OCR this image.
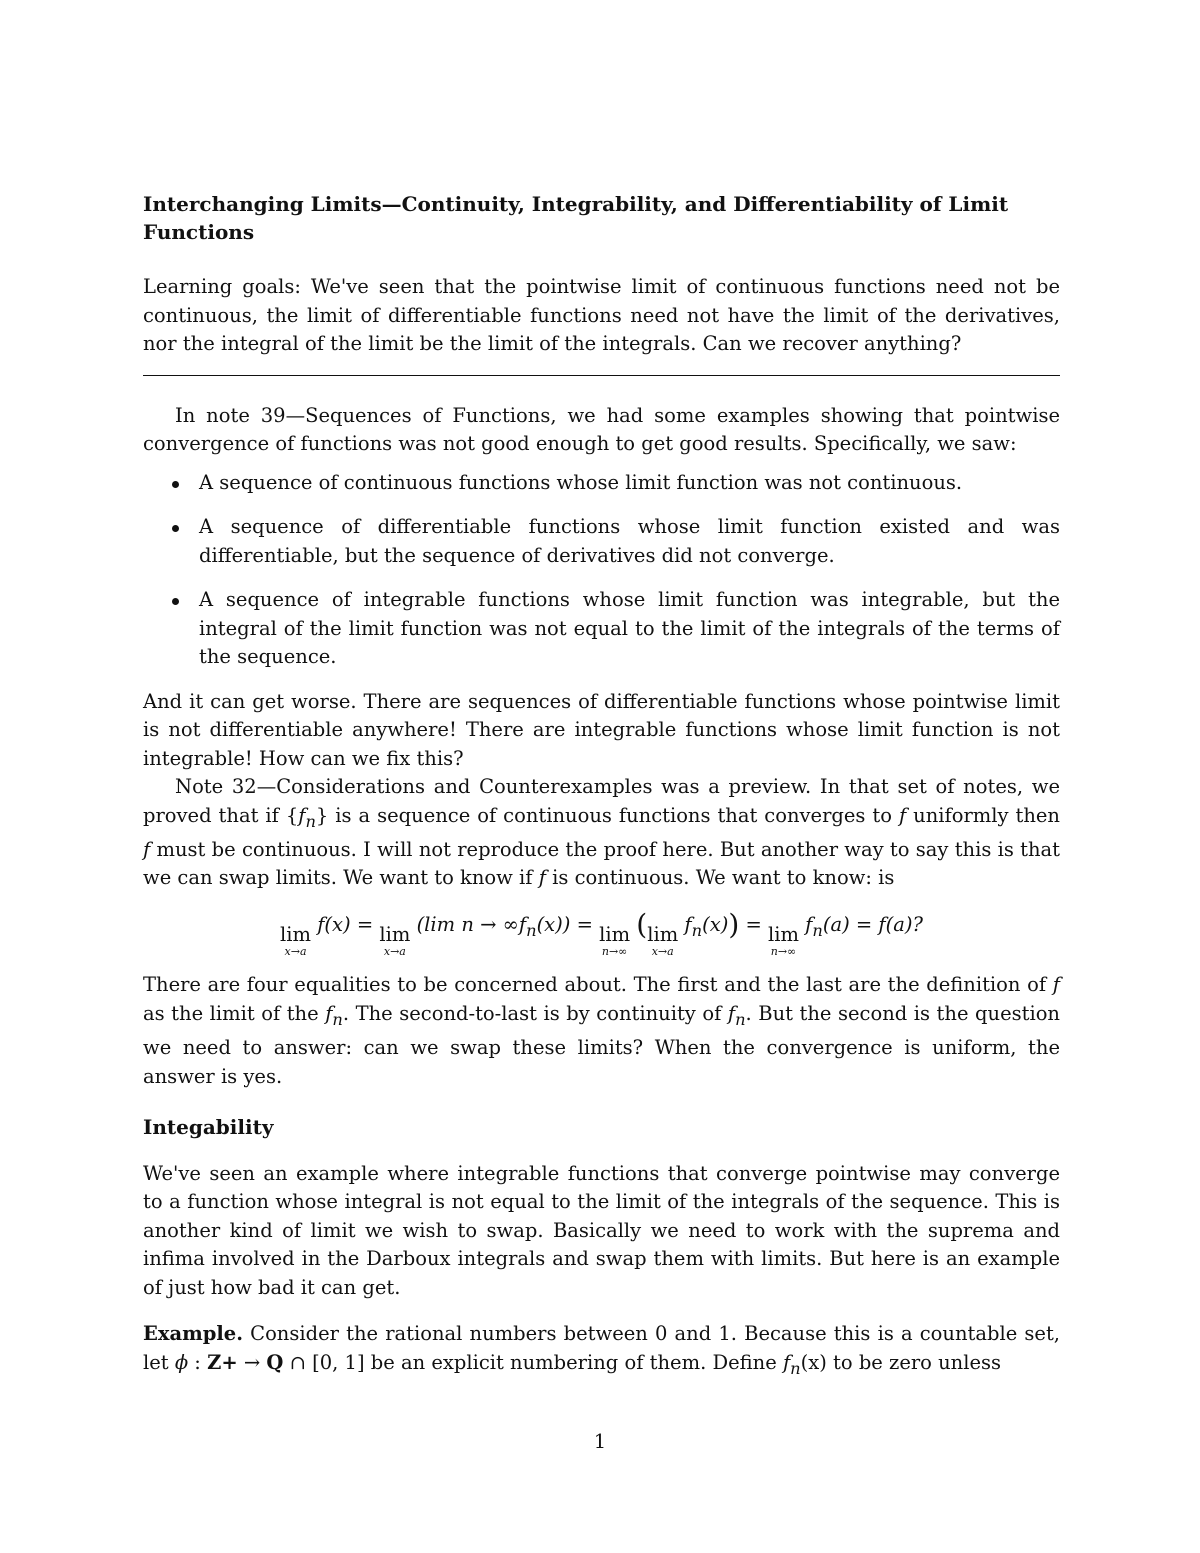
Interchanging Limits—Continuity, Integrability, and Differentiability of Limit Functions

Learning goals: We've seen that the pointwise limit of continuous functions need not be continuous, the limit of differentiable functions need not have the limit of the derivatives, nor the integral of the limit be the limit of the integrals. Can we recover anything?

In note 39—Sequences of Functions, we had some examples showing that pointwise convergence of functions was not good enough to get good results. Specifically, we saw:

A sequence of continuous functions whose limit function was not continuous.
A sequence of differentiable functions whose limit function existed and was differentiable, but the sequence of derivatives did not converge.
A sequence of integrable functions whose limit function was integrable, but the integral of the limit function was not equal to the limit of the integrals of the terms of the sequence.

And it can get worse. There are sequences of differentiable functions whose pointwise limit is not differentiable anywhere! There are integrable functions whose limit function is not integrable! How can we fix this?

Note 32—Considerations and Counterexamples was a preview. In that set of notes, we proved that if $\{f_n\}$ is a sequence of continuous functions that converges to f uniformly then f must be continuous. I will not reproduce the proof here. But another way to say this is that we can swap limits. We want to know if f is continuous. We want to know: is

lim
x→a
f(x) = lim
x→a
(lim $n \to \infty f_n(x)) = \lim$
n→∞
( lim
x→a
$f_n(x)) = \lim$
n→∞
$f_n(a) = f(a)$?

There are four equalities to be concerned about. The first and the last are the definition of f as the limit of the $f_n$. The second-to-last is by continuity of $f_n$. But the second is the question we need to answer: can we swap these limits? When the convergence is uniform, the answer is yes.

Integability

We've seen an example where integrable functions that converge pointwise may converge to a function whose integral is not equal to the limit of the integrals of the sequence. This is another kind of limit we wish to swap. Basically we need to work with the suprema and infima involved in the Darboux integrals and swap them with limits. But here is an example of just how bad it can get.

Example. Consider the rational numbers between 0 and 1. Because this is a countable set, let ϕ : Z+ → Q ∩ [0, 1] be an explicit numbering of them. Define $f_n(x)$ to be zero unless

1
